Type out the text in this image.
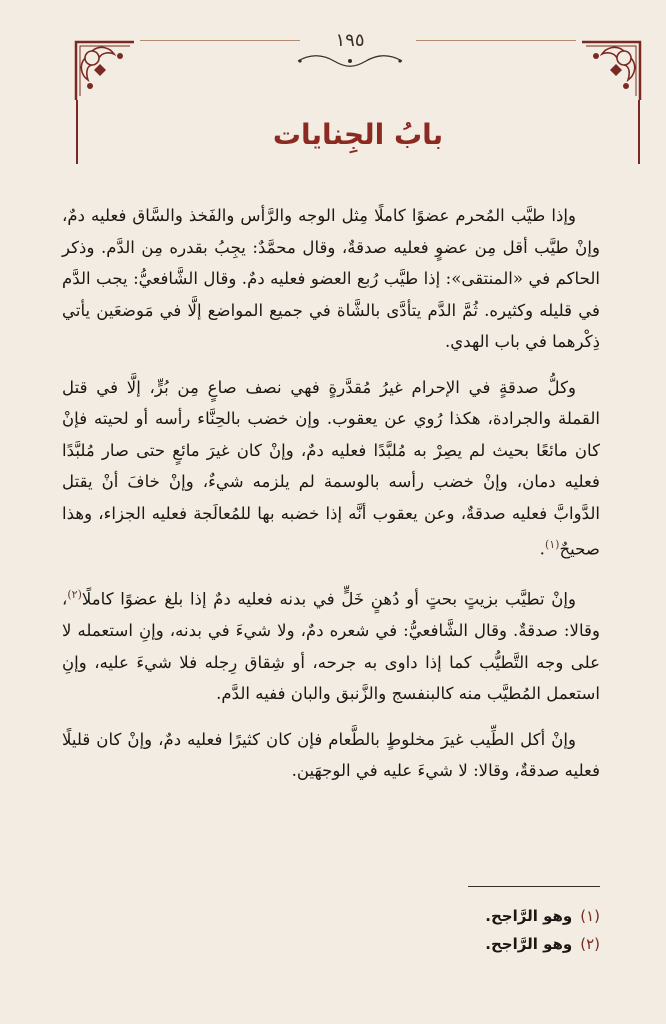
١٩٥
بابُ الجِنايات

وإذا طيَّب المُحرم عضوًا كاملًا مِثل الوجه والرَّأس والفَخذ والسَّاق فعليه دمٌ، وإنْ طيَّب أقل مِن عضوٍ فعليه صدقةٌ، وقال محمَّدٌ: يجِبُ بقدره مِن الدَّم. وذكر الحاكم في «المنتقى»: إذا طيَّب رُبع العضو فعليه دمٌ. وقال الشَّافعيُّ: يجب الدَّم في قليله وكثيره. ثُمَّ الدَّم يتأدَّى بالشَّاة في جميع المواضع إلَّا في مَوضعَين يأتي ذِكْرهما في باب الهدي.

وكلُّ صدقةٍ في الإحرام غيرُ مُقدَّرةٍ فهي نصف صاعٍ مِن بُرٍّ، إلَّا في قتل القملة والجرادة، هكذا رُوي عن يعقوب. وإن خضب بالحِنَّاء رأسه أو لحيته فإنْ كان مائعًا بحيث لم يصِرْ به مُلبَّدًا فعليه دمٌ، وإنْ كان غيرَ مائعٍ حتى صار مُلبَّدًا فعليه دمان، وإنْ خضب رأسه بالوسمة لم يلزمه شيءٌ، وإنْ خافَ أنْ يقتل الدَّوابَّ فعليه صدقةٌ، وعن يعقوب أنَّه إذا خضبه بها للمُعالَجة فعليه الجزاء، وهذا صحيحٌ$^{(١)}$.

وإنْ تطيَّب بزيتٍ بحتٍ أو دُهنٍ خَلٍّ في بدنه فعليه دمٌ إذا بلغ عضوًا كاملًا$^{(٢)}$، وقالا: صدقةٌ. وقال الشَّافعيُّ: في شعره دمٌ، ولا شيءَ في بدنه، وإنِ استعمله لا على وجه التَّطيُّب كما إذا داوى به جرحه، أو شِقاق رِجله فلا شيءَ عليه، وإنِ استعمل المُطيَّب منه كالبنفسج والزَّنبق والبان ففيه الدَّم.

وإنْ أكل الطِّيب غيرَ مخلوطٍ بالطَّعام فإن كان كثيرًا فعليه دمٌ، وإنْ كان قليلًا فعليه صدقةٌ، وقالا: لا شيءَ عليه في الوجهَين.

(١)
وهو الرَّاجح.
(٢)
وهو الرَّاجح.
